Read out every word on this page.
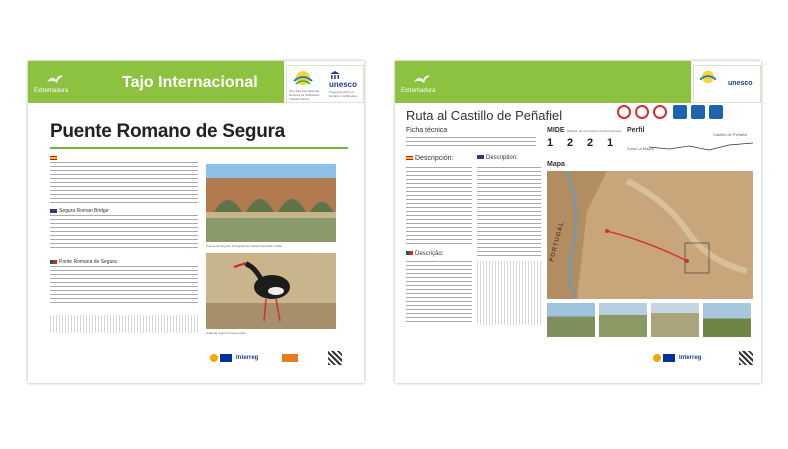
Extremadura	Tajo Internacional	Tajo-Tejo Internacional Reserva de la Biosfera Transfronteriza
unesco
Programa sobre el Hombre y la Biosfera
Puente Romano de Segura
Segura Roman Bridge
Ponte Romana de Segura
Puente de Segura. Fotografía de Daniel Fernández Ollán
Cigüeña negra (Ciconia nigra)
Interreg
Extremadura
unesco
Ruta al Castillo de Peñafiel
Ficha técnica	MIDE (Método de Información De Excursiones)
1 2 2 1
Perfil
Zona La Mayor
Castillo de Peñafiel
Descripción:	Description:
Descrição:
Mapa
PORTUGAL
Interreg
